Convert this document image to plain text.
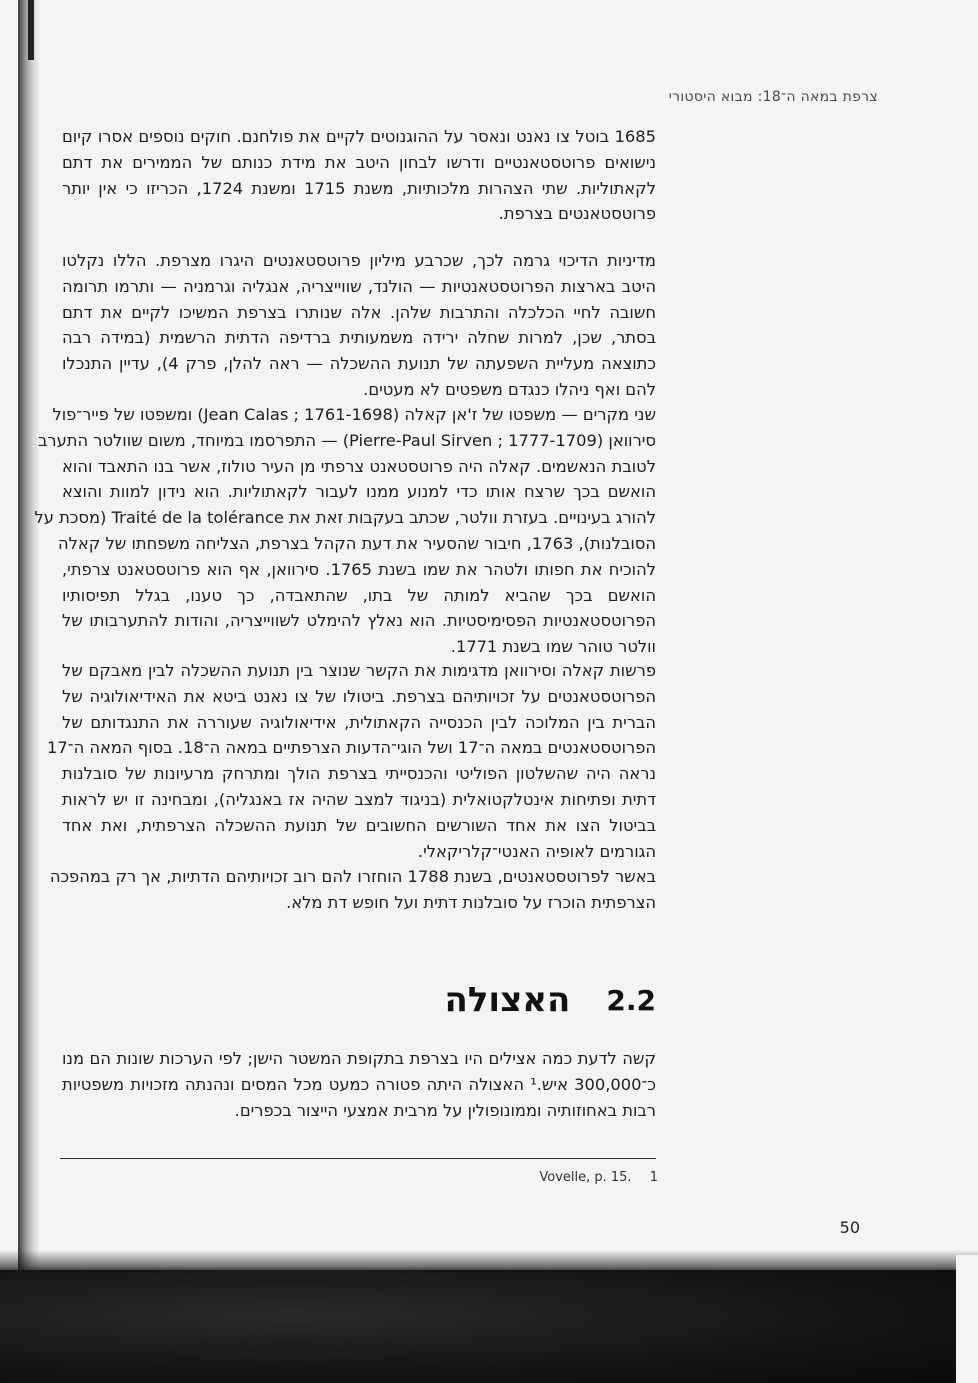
צרפת במאה ה־18: מבוא היסטורי
1685 בוטל צו נאנט ונאסר על ההוגנוטים לקיים את פולחנם. חוקים נוספים אסרו קיום
נישואים פרוטסטאנטיים ודרשו לבחון היטב את מידת כנותם של הממירים את דתם
לקאתוליות. שתי הצהרות מלכותיות, משנת 1715 ומשנת 1724, הכריזו כי אין יותר
פרוטסטאנטים בצרפת.
מדיניות הדיכוי גרמה לכך, שכרבע מיליון פרוטסטאנטים היגרו מצרפת. הללו נקלטו
היטב בארצות הפרוטסטאנטיות — הולנד, שווייצריה, אנגליה וגרמניה — ותרמו תרומה
חשובה לחיי הכלכלה והתרבות שלהן. אלה שנותרו בצרפת המשיכו לקיים את דתם
בסתר, שכן, למרות שחלה ירידה משמעותית ברדיפה הדתית הרשמית (במידה רבה
כתוצאה מעליית השפעתה של תנועת ההשכלה — ראה להלן, פרק 4), עדיין התנכלו
להם ואף ניהלו כנגדם משפטים לא מעטים.
שני מקרים — משפטו של ז'אן קאלה (Jean Calas ; 1761-1698) ומשפטו של פייר־פול
סירוואן (Pierre-Paul Sirven ; 1777-1709) — התפרסמו במיוחד, משום שוולטר התערב
לטובת הנאשמים. קאלה היה פרוטסטאנט צרפתי מן העיר טולוז, אשר בנו התאבד והוא
הואשם בכך שרצח אותו כדי למנוע ממנו לעבור לקאתוליות. הוא נידון למוות והוצא
להורג בעינויים. בעזרת וולטר, שכתב בעקבות זאת את Traité de la tolérance (מסכת על
הסובלנות), 1763, חיבור שהסעיר את דעת הקהל בצרפת, הצליחה משפחתו של קאלה
להוכיח את חפותו ולטהר את שמו בשנת 1765. סירוואן, אף הוא פרוטסטאנט צרפתי,
הואשם בכך שהביא למותה של בתו, שהתאבדה, כך טענו, בגלל תפיסותיו
הפרוטסטאנטיות הפסימיסטיות. הוא נאלץ להימלט לשווייצריה, והודות להתערבותו של
וולטר טוהר שמו בשנת 1771.
פרשות קאלה וסירוואן מדגימות את הקשר שנוצר בין תנועת ההשכלה לבין מאבקם של
הפרוטסטאנטים על זכויותיהם בצרפת. ביטולו של צו נאנט ביטא את האידיאולוגיה של
הברית בין המלוכה לבין הכנסייה הקאתולית, אידיאולוגיה שעוררה את התנגדותם של
הפרוטסטאנטים במאה ה־17 ושל הוגי־הדעות הצרפתיים במאה ה־18. בסוף המאה ה־17
נראה היה שהשלטון הפוליטי והכנסייתי בצרפת הולך ומתרחק מרעיונות של סובלנות
דתית ופתיחות אינטלקטואלית (בניגוד למצב שהיה אז באנגליה), ומבחינה זו יש לראות
בביטול הצו את אחד השורשים החשובים של תנועת ההשכלה הצרפתית, ואת אחד
הגורמים לאופיה האנטי־קלריקאלי.
באשר לפרוטסטאנטים, בשנת 1788 הוחזרו להם רוב זכויותיהם הדתיות, אך רק במהפכה
הצרפתית הוכרז על סובלנות דתית ועל חופש דת מלא.
2.2
האצולה
קשה לדעת כמה אצילים היו בצרפת בתקופת המשטר הישן; לפי הערכות שונות הם מנו
כ־300,000 איש.¹ האצולה היתה פטורה כמעט מכל המסים ונהנתה מזכויות משפטיות
רבות באחוזותיה וממונופולין על מרבית אמצעי הייצור בכפרים.
Vovelle, p. 15. 1
50
